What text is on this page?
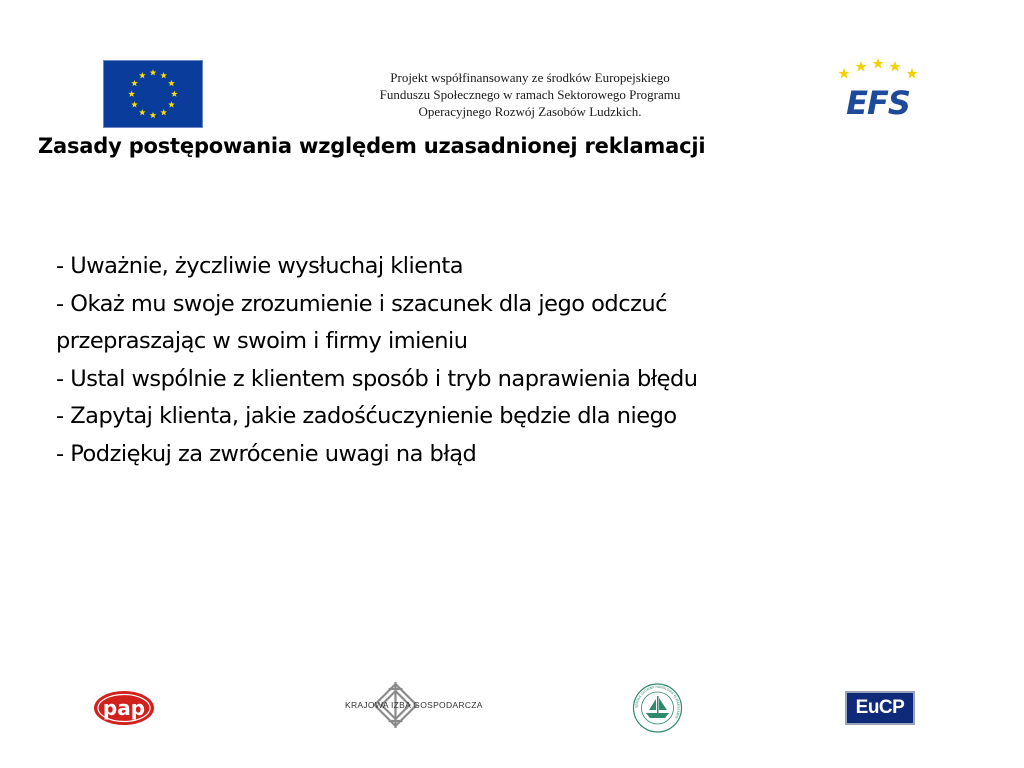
Projekt współfinansowany ze środków Europejskiego
Funduszu Społecznego w ramach Sektorowego Programu
Operacyjnego Rozwój Zasobów Ludzkich.	EFS
Zasady postępowania względem uzasadnionej reklamacji
- Uważnie, życzliwie wysłuchaj klienta
- Okaż mu swoje zrozumienie i szacunek dla jego odczuć
przepraszając w swoim i firmy imieniu
- Ustal wspólnie z klientem sposób i tryb naprawienia błędu
- Zapytaj klienta, jakie zadośćuczynienie będzie dla niego
- Podziękuj za zwrócenie uwagi na błąd
pap	KRAJOWA IZBA GOSPODARCZA	SZKOŁA GŁÓWNA HANDLOWA W WARSZAWIE	EuCP
